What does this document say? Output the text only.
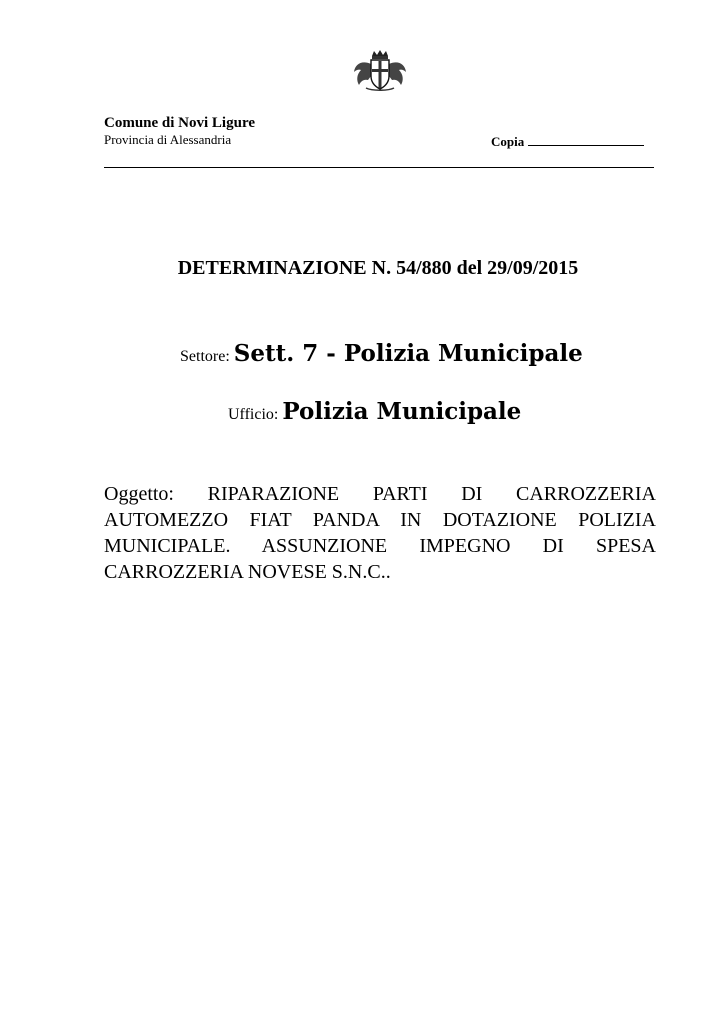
Comune di Novi Ligure
Provincia di Alessandria	Copia
DETERMINAZIONE N. 54/880 del 29/09/2015
Settore: Sett. 7 - Polizia Municipale
Ufficio: Polizia Municipale
Oggetto: RIPARAZIONE PARTI DI CARROZZERIA AUTOMEZZO FIAT PANDA IN DOTAZIONE POLIZIA MUNICIPALE. ASSUNZIONE IMPEGNO DI SPESA CARROZZERIA NOVESE S.N.C..
